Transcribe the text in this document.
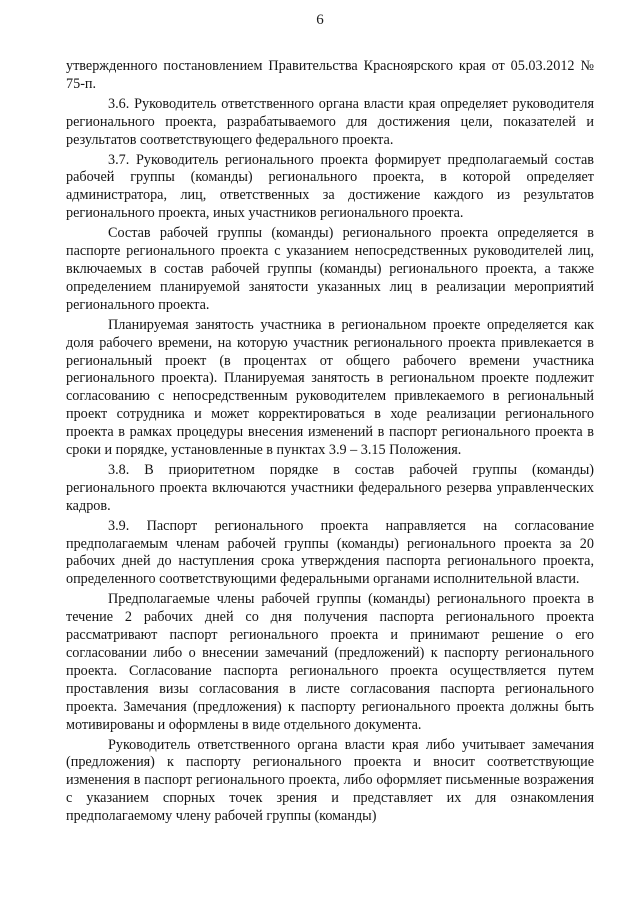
6

утвержденного постановлением Правительства Красноярского края от 05.03.2012 № 75-п.

3.6. Руководитель ответственного органа власти края определяет руководителя регионального проекта, разрабатываемого для достижения цели, показателей и результатов соответствующего федерального проекта.

3.7. Руководитель регионального проекта формирует предполагаемый состав рабочей группы (команды) регионального проекта, в которой определяет администратора, лиц, ответственных за достижение каждого из результатов регионального проекта, иных участников регионального проекта.

Состав рабочей группы (команды) регионального проекта определяется в паспорте регионального проекта с указанием непосредственных руководителей лиц, включаемых в состав рабочей группы (команды) регионального проекта, а также определением планируемой занятости указанных лиц в реализации мероприятий регионального проекта.

Планируемая занятость участника в региональном проекте определяется как доля рабочего времени, на которую участник регионального проекта привлекается в региональный проект (в процентах от общего рабочего времени участника регионального проекта). Планируемая занятость в региональном проекте подлежит согласованию с непосредственным руководителем привлекаемого в региональный проект сотрудника и может корректироваться в ходе реализации регионального проекта в рамках процедуры внесения изменений в паспорт регионального проекта в сроки и порядке, установленные в пунктах 3.9 – 3.15 Положения.

3.8. В приоритетном порядке в состав рабочей группы (команды) регионального проекта включаются участники федерального резерва управленческих кадров.

3.9. Паспорт регионального проекта направляется на согласование предполагаемым членам рабочей группы (команды) регионального проекта за 20 рабочих дней до наступления срока утверждения паспорта регионального проекта, определенного соответствующими федеральными органами исполнительной власти.

Предполагаемые члены рабочей группы (команды) регионального проекта в течение 2 рабочих дней со дня получения паспорта регионального проекта рассматривают паспорт регионального проекта и принимают решение о его согласовании либо о внесении замечаний (предложений) к паспорту регионального проекта. Согласование паспорта регионального проекта осуществляется путем проставления визы согласования в листе согласования паспорта регионального проекта. Замечания (предложения) к паспорту регионального проекта должны быть мотивированы и оформлены в виде отдельного документа.

Руководитель ответственного органа власти края либо учитывает замечания (предложения) к паспорту регионального проекта и вносит соответствующие изменения в паспорт регионального проекта, либо оформляет письменные возражения с указанием спорных точек зрения и представляет их для ознакомления предполагаемому члену рабочей группы (команды)
